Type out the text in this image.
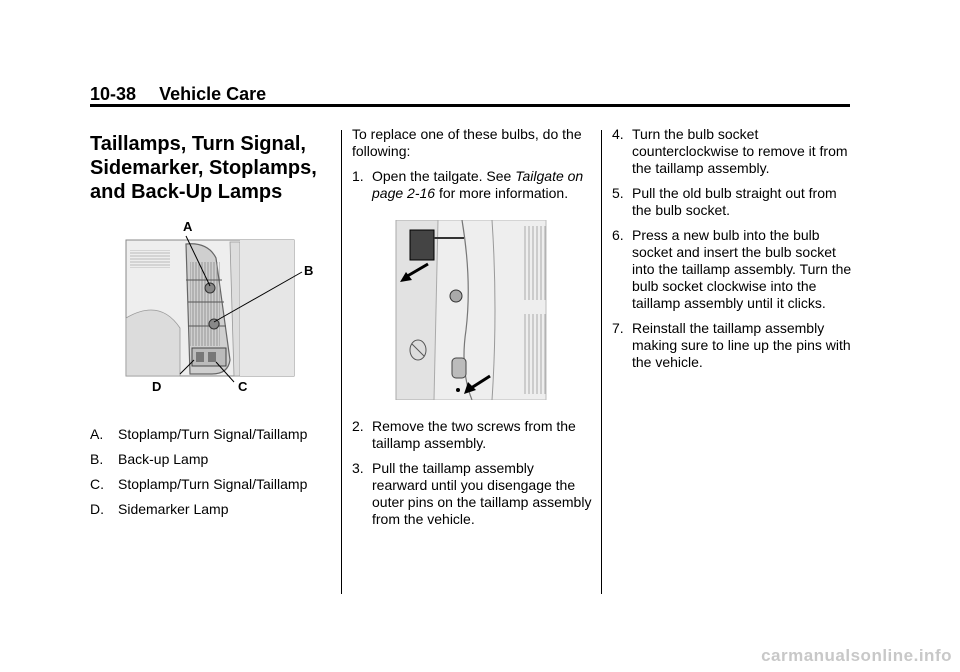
10-38 Vehicle Care
Taillamps, Turn Signal,
Sidemarker, Stoplamps,
and Back-Up Lamps
A
B
C
D
A. Stoplamp/Turn Signal/Taillamp
B. Back-up Lamp
C. Stoplamp/Turn Signal/Taillamp
D. Sidemarker Lamp

To replace one of these bulbs, do the following:

1. Open the tailgate. See Tailgate on page 2-16 for more information.
2. Remove the two screws from the taillamp assembly.
3. Pull the taillamp assembly rearward until you disengage the outer pins on the taillamp assembly from the vehicle.
4. Turn the bulb socket counterclockwise to remove it from the taillamp assembly.
5. Pull the old bulb straight out from the bulb socket.
6. Press a new bulb into the bulb socket and insert the bulb socket into the taillamp assembly. Turn the bulb socket clockwise into the taillamp assembly until it clicks.
7. Reinstall the taillamp assembly making sure to line up the pins with the vehicle.
carmanualsonline.info
